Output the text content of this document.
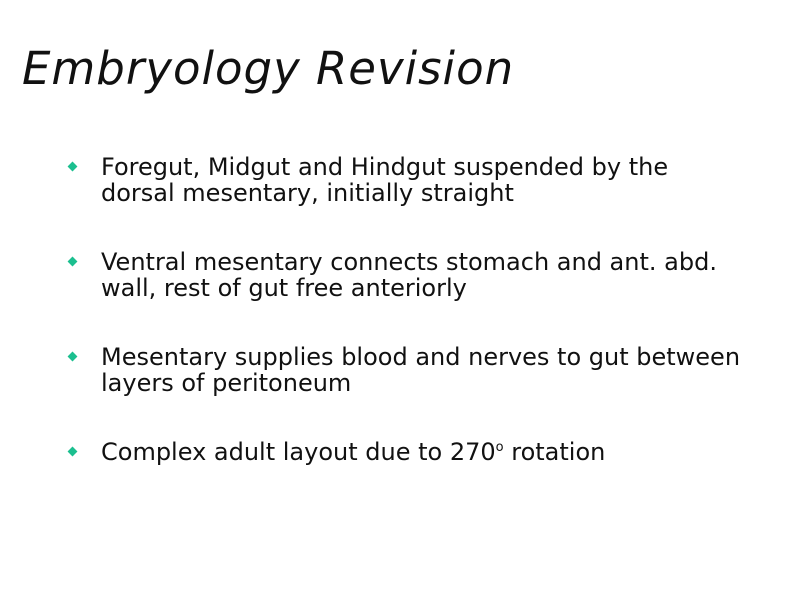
Embryology Revision
Foregut, Midgut and Hindgut suspended by the dorsal mesentary, initially straight
Ventral mesentary connects stomach and ant. abd. wall, rest of gut free anteriorly
Mesentary supplies blood and nerves to gut between layers of peritoneum
Complex adult layout due to 270$^o$ rotation
